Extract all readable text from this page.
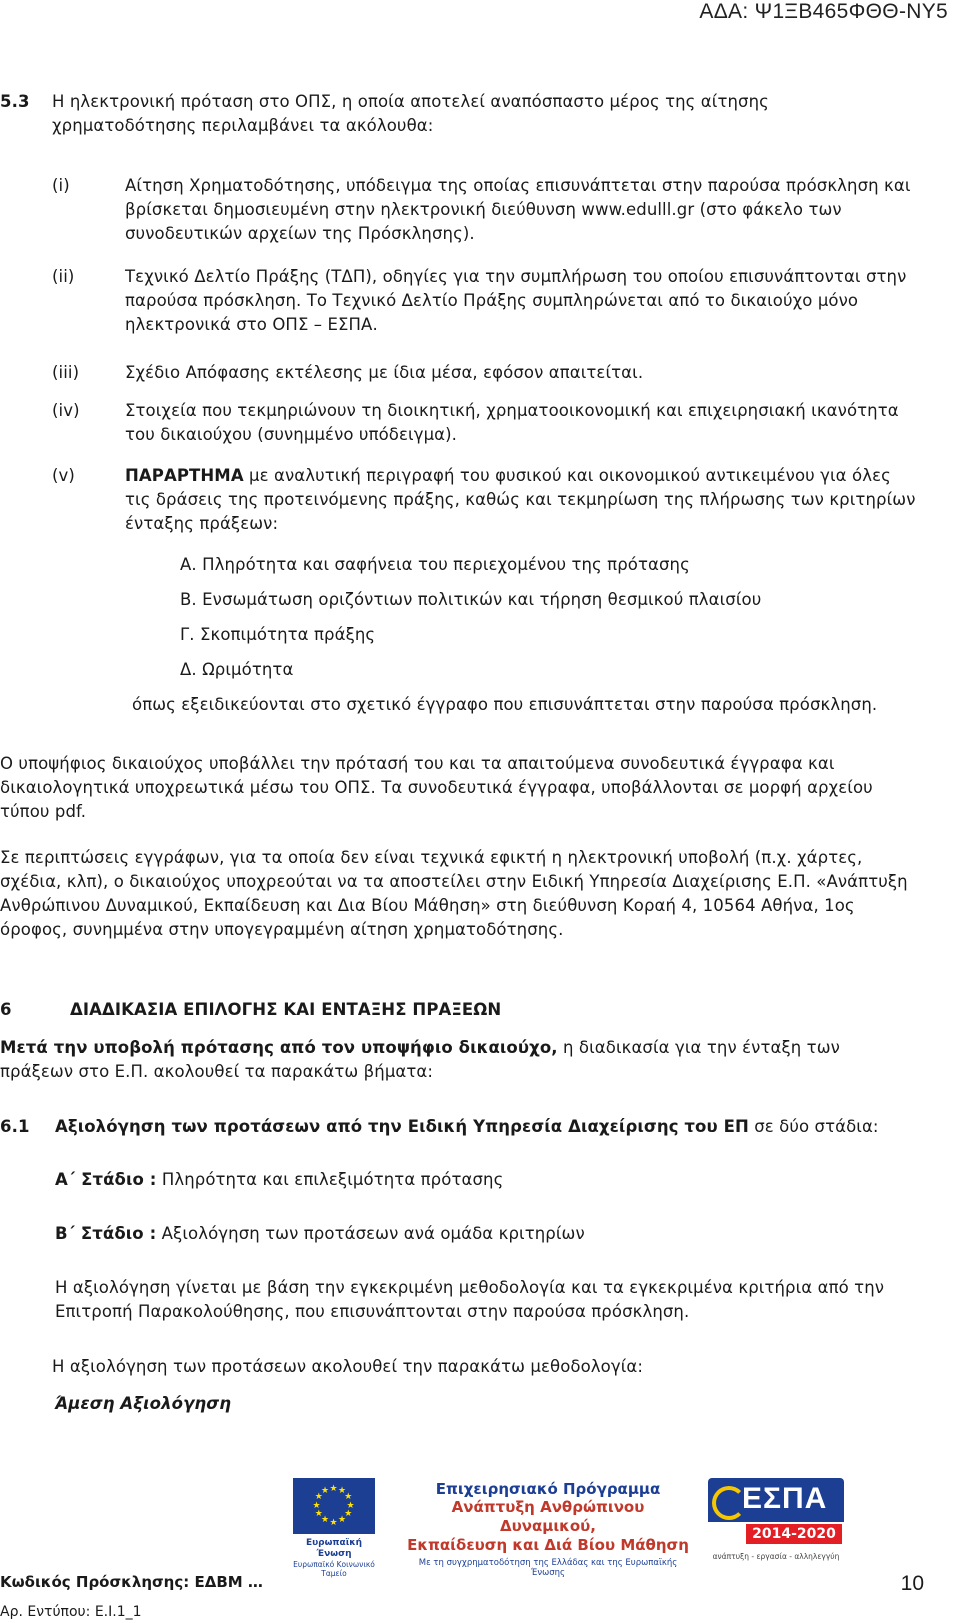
ΑΔΑ: Ψ1ΞΒ465ΦΘΘ-ΝΥ5
5.3	Η ηλεκτρονική πρόταση στο ΟΠΣ, η οποία αποτελεί αναπόσπαστο μέρος της αίτησης
χρηματοδότησης περιλαμβάνει τα ακόλουθα:
(i)	Αίτηση Χρηματοδότησης, υπόδειγμα της οποίας επισυνάπτεται στην παρούσα πρόσκληση και
βρίσκεται δημοσιευμένη στην ηλεκτρονική διεύθυνση www.edulll.gr (στο φάκελο των
συνοδευτικών αρχείων της Πρόσκλησης).
(ii)	Τεχνικό Δελτίο Πράξης (ΤΔΠ), οδηγίες για την συμπλήρωση του οποίου επισυνάπτονται στην
παρούσα πρόσκληση. Το Τεχνικό Δελτίο Πράξης συμπληρώνεται από το δικαιούχο μόνο
ηλεκτρονικά στο ΟΠΣ – ΕΣΠΑ.
(iii)	Σχέδιο Απόφασης εκτέλεσης με ίδια μέσα, εφόσον απαιτείται.
(iv)	Στοιχεία που τεκμηριώνουν τη διοικητική, χρηματοοικονομική και επιχειρησιακή ικανότητα
του δικαιούχου (συνημμένο υπόδειγμα).
(v)	ΠΑΡΑΡΤΗΜΑ με αναλυτική περιγραφή του φυσικού και οικονομικού αντικειμένου για όλες
τις δράσεις της προτεινόμενης πράξης, καθώς και τεκμηρίωση της πλήρωσης των κριτηρίων
ένταξης πράξεων:
Α. Πληρότητα και σαφήνεια του περιεχομένου της πρότασης
Β. Ενσωμάτωση οριζόντιων πολιτικών και τήρηση θεσμικού πλαισίου
Γ. Σκοπιμότητα πράξης
Δ. Ωριμότητα
όπως εξειδικεύονται στο σχετικό έγγραφο που επισυνάπτεται στην παρούσα πρόσκληση.
Ο υποψήφιος δικαιούχος υποβάλλει την πρότασή του και τα απαιτούμενα συνοδευτικά έγγραφα και
δικαιολογητικά υποχρεωτικά μέσω του ΟΠΣ. Τα συνοδευτικά έγγραφα, υποβάλλονται σε μορφή αρχείου
τύπου pdf.
Σε περιπτώσεις εγγράφων, για τα οποία δεν είναι τεχνικά εφικτή η ηλεκτρονική υποβολή (π.χ. χάρτες,
σχέδια, κλπ), ο δικαιούχος υποχρεούται να τα αποστείλει στην Ειδική Υπηρεσία Διαχείρισης Ε.Π. «Ανάπτυξη
Ανθρώπινου Δυναμικού, Εκπαίδευση και Δια Βίου Μάθηση» στη διεύθυνση Κοραή 4, 10564 Αθήνα, 1ος
όροφος, συνημμένα στην υπογεγραμμένη αίτηση χρηματοδότησης.
6	ΔΙΑΔΙΚΑΣΙΑ ΕΠΙΛΟΓΗΣ ΚΑΙ ΕΝΤΑΞΗΣ ΠΡΑΞΕΩΝ
Μετά την υποβολή πρότασης από τον υποψήφιο δικαιούχο, η διαδικασία για την ένταξη των
πράξεων στο Ε.Π. ακολουθεί τα παρακάτω βήματα:
6.1 Αξιολόγηση των προτάσεων από την Ειδική Υπηρεσία Διαχείρισης του ΕΠ σε δύο στάδια:
Α΄ Στάδιο : Πληρότητα και επιλεξιμότητα πρότασης
Β΄ Στάδιο : Αξιολόγηση των προτάσεων ανά ομάδα κριτηρίων
Η αξιολόγηση γίνεται με βάση την εγκεκριμένη μεθοδολογία και τα εγκεκριμένα κριτήρια από την
Επιτροπή Παρακολούθησης, που επισυνάπτονται στην παρούσα πρόσκληση.
Η αξιολόγηση των προτάσεων ακολουθεί την παρακάτω μεθοδολογία:
Άμεση Αξιολόγηση
★ ★
★
★
★
★
★
★
★
★
★
★
Ευρωπαϊκή Ένωση
Ευρωπαϊκό Κοινωνικό Ταμείο
Επιχειρησιακό Πρόγραμμα
Ανάπτυξη Ανθρώπινου Δυναμικού,
Εκπαίδευση και Διά Βίου Μάθηση
Με τη συγχρηματοδότηση της Ελλάδας και της Ευρωπαϊκής Ένωσης
ΕΣΠΑ
2014-2020
ανάπτυξη - εργασία - αλληλεγγύη
Κωδικός Πρόσκλησης: ΕΔΒΜ …
Αρ. Εντύπου: Ε.Ι.1_1
10
